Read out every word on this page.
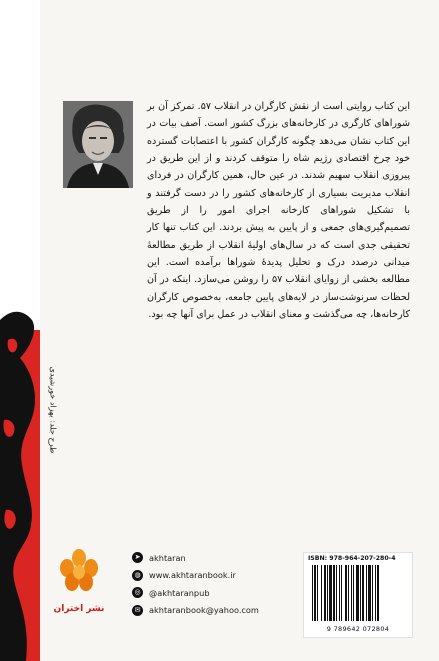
طرح جلد: بهزاد خورشیدی

این کتاب روایتی است از نقش کارگران در انقلاب ۵۷. تمرکز آن بر شوراهای کارگری در کارخانه‌های بزرگ کشور است. آصف بیات در این کتاب نشان می‌دهد چگونه کارگران کشور با اعتصابات گسترده خود چرخ اقتصادی رژیم شاه را متوقف کردند و از این طریق در پیروزی انقلاب سهیم شدند. در عین حال، همین کارگران در فردای انقلاب مدیریت بسیاری از کارخانه‌های کشور را در دست گرفتند و با تشکیل شوراهای کارخانه اجرای امور را از طریق تصمیم‌گیری‌های جمعی و از پایین به پیش بردند. این کتاب تنها کار تحقیقی جدی است که در سال‌های اولیهٔ انقلاب از طریق مطالعهٔ میدانی درصدد درک و تحلیل پدیدهٔ شوراها برآمده است. این مطالعه بخشی از زوایای انقلاب ۵۷ را روشن می‌سازد. اینکه در آن لحظات سرنوشت‌ساز در لایه‌های پایین جامعه، به‌خصوص کارگران کارخانه‌ها، چه می‌گذشت و معنای انقلاب در عمل برای آنها چه بود.

نشر اختران
➤	akhtaran
◍ www.akhtaranbook.ir
◎ @akhtaranpub
✉	akhtaranbook@yahoo.com
ISBN: 978-964-207-280-4
9 789642 072804
